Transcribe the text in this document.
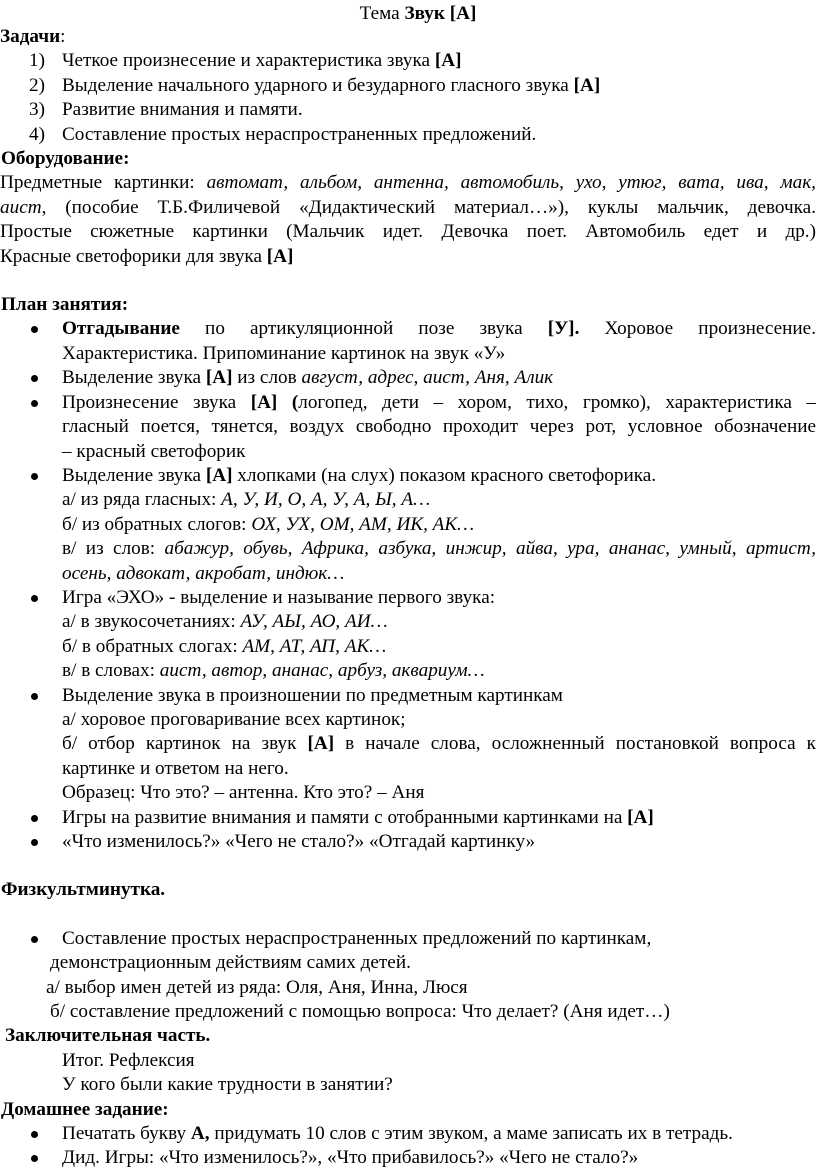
Тема Звук [А]

Задачи:

1) Четкое произнесение и характеристика звука [А]
2) Выделение начального ударного и безударного гласного звука [А]
3) Развитие внимания и памяти.
4) Составление простых нераспространенных предложений.

Оборудование:

Предметные картинки: автомат, альбом, антенна, автомобиль, ухо, утюг, вата, ива, мак,

аист, (пособие Т.Б.Филичевой «Дидактический материал…»), куклы мальчик, девочка.

Простые сюжетные картинки (Мальчик идет. Девочка поет. Автомобиль едет и др.)

Красные светофорики для звука [А]

План занятия:

Отгадывание по артикуляционной позе звука [У]. Хоровое произнесение.

Характеристика. Припоминание картинок на звук «У»

Выделение звука [А] из слов август, адрес, аист, Аня, Алик

Произнесение звука [А] (логопед, дети – хором, тихо, громко), характеристика –

гласный поется, тянется, воздух свободно проходит через рот, условное обозначение

– красный светофорик

Выделение звука [А] хлопками (на слух) показом красного светофорика.

а/ из ряда гласных: А, У, И, О, А, У, А, Ы, А…

б/ из обратных слогов: ОХ, УХ, ОМ, АМ, ИК, АК…

в/ из слов: абажур, обувь, Африка, азбука, инжир, айва, ура, ананас, умный, артист,

осень, адвокат, акробат, индюк…

Игра «ЭХО» - выделение и называние первого звука:

а/ в звукосочетаниях: АУ, АЫ, АО, АИ…

б/ в обратных слогах: АМ, АТ, АП, АК…

в/ в словах: аист, автор, ананас, арбуз, аквариум…

Выделение звука в произношении по предметным картинкам

а/ хоровое проговаривание всех картинок;

б/ отбор картинок на звук [А] в начале слова, осложненный постановкой вопроса к

картинке и ответом на него.

Образец: Что это? – антенна. Кто это? – Аня

Игры на развитие внимания и памяти с отобранными картинками на [А]

«Что изменилось?» «Чего не стало?» «Отгадай картинку»

Физкультминутка.

Составление простых нераспространенных предложений по картинкам,

демонстрационным действиям самих детей.

а/ выбор имен детей из ряда: Оля, Аня, Инна, Люся

б/ составление предложений с помощью вопроса: Что делает? (Аня идет…)

Заключительная часть.

Итог. Рефлексия

У кого были какие трудности в занятии?

Домашнее задание:

Печатать букву А, придумать 10 слов с этим звуком, а маме записать их в тетрадь.

Дид. Игры: «Что изменилось?», «Что прибавилось?» «Чего не стало?»
